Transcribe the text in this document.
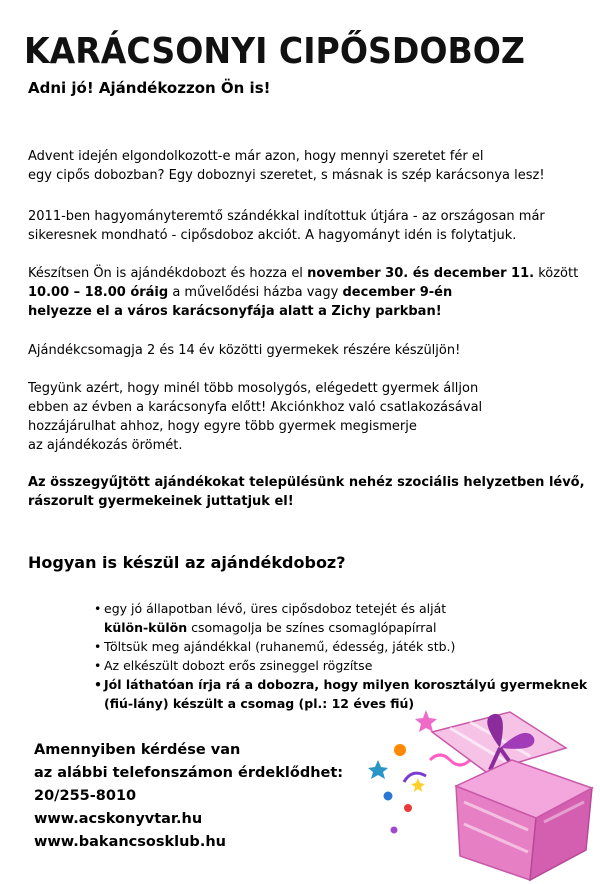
KARÁCSONYI CIPŐSDOBOZ
Adni jó! Ajándékozzon Ön is!
Advent idején elgondolkozott-e már azon, hogy mennyi szeretet fér el
egy cipős dobozban? Egy doboznyi szeretet, s másnak is szép karácsonya lesz!
2011-ben hagyományteremtő szándékkal indítottuk útjára - az országosan már
sikeresnek mondható - cipősdoboz akciót. A hagyományt idén is folytatjuk.
Készítsen Ön is ajándékdobozt és hozza el november 30. és december 11. között
10.00 – 18.00 óráig a művelődési házba vagy december 9-én
helyezze el a város karácsonyfája alatt a Zichy parkban!
Ajándékcsomagja 2 és 14 év közötti gyermekek részére készüljön!
Tegyünk azért, hogy minél több mosolygós, elégedett gyermek álljon
ebben az évben a karácsonyfa előtt! Akciónkhoz való csatlakozásával
hozzájárulhat ahhoz, hogy egyre több gyermek megismerje
az ajándékozás örömét.
Az összegyűjtött ajándékokat településünk nehéz szociális helyzetben lévő,
rászorult gyermekeinek juttatjuk el!
Hogyan is készül az ajándékdoboz?
• egy jó állapotban lévő, üres cipősdoboz tetejét és alját
külön-külön csomagolja be színes csomaglópapírral
• Töltsük meg ajándékkal (ruhanemű, édesség, játék stb.)
• Az elkészült dobozt erős zsineggel rögzítse
• Jól láthatóan írja rá a dobozra, hogy milyen korosztályú gyermeknek
(fiú-lány) készült a csomag (pl.: 12 éves fiú)
Amennyiben kérdése van
az alábbi telefonszámon érdeklődhet:
20/255-8010
www.acskonyvtar.hu
www.bakancsosklub.hu
